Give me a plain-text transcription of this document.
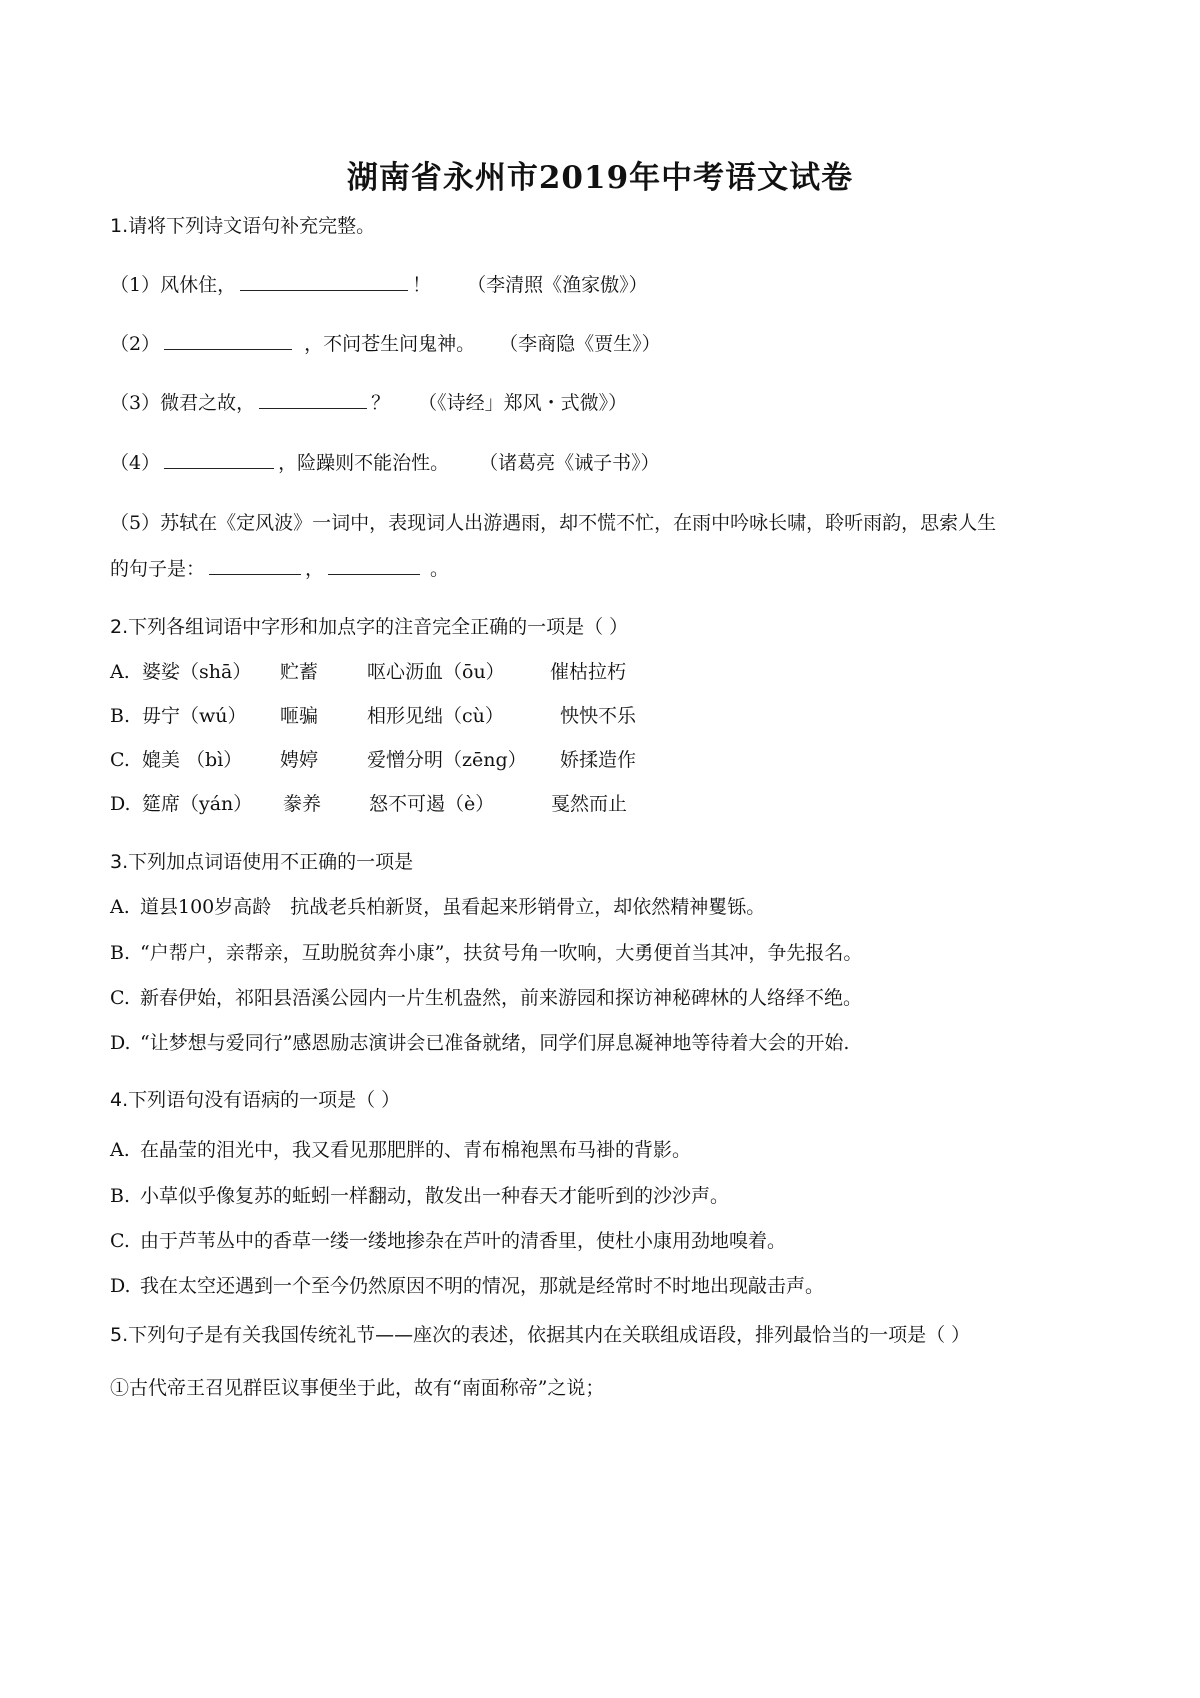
湖南省永州市2019年中考语文试卷
1.请将下列诗文语句补充完整。
（1）风休住，	！ （李清照《渔家傲》）
（2）	，不问苍生问鬼神。 （李商隐《贾生》）
（3）微君之故，	？ （《诗经」郑风・式微》）
（4）	，险躁则不能治性。 （诸葛亮《诫子书》）
（5）苏轼在《定风波》一词中，表现词人出游遇雨，却不慌不忙，在雨中吟咏长啸，聆听雨韵，思索人生
的句子是：	，	。
2.下列各组词语中字形和加点字的注音完全正确的一项是（ ）
A. 婆娑（shā） 贮蓄	呕心沥血（ōu） 催枯拉朽
B. 毋宁（wú） 咂骗	相形见绌（cù）	怏怏不乐
C. 媲美 （bì） 娉婷	爱憎分明（zēng） 娇揉造作
D. 筵席（yán） 豢养	怒不可遏（è）	戛然而止
3.下列加点词语使用不正确的一项是
A. 道县100岁高龄　抗战老兵柏新贤，虽看起来形销骨立，却依然精神矍铄。
B. “户帮户，亲帮亲，互助脱贫奔小康”，扶贫号角一吹响，大勇便首当其冲，争先报名。
C. 新春伊始，祁阳县浯溪公园内一片生机盎然，前来游园和探访神秘碑林的人络绎不绝。
D. “让梦想与爱同行”感恩励志演讲会已准备就绪，同学们屏息凝神地等待着大会的开始.
4.下列语句没有语病的一项是（ ）
A. 在晶莹的泪光中，我又看见那肥胖的、青布棉袍黑布马褂的背影。
B. 小草似乎像复苏的蚯蚓一样翻动，散发出一种春天才能听到的沙沙声。
C. 由于芦苇丛中的香草一缕一缕地掺杂在芦叶的清香里，使杜小康用劲地嗅着。
D. 我在太空还遇到一个至今仍然原因不明的情况，那就是经常时不时地出现敲击声。
5.下列句子是有关我国传统礼节——座次的表述，依据其内在关联组成语段，排列最恰当的一项是（ ）
①古代帝王召见群臣议事便坐于此，故有“南面称帝”之说；
